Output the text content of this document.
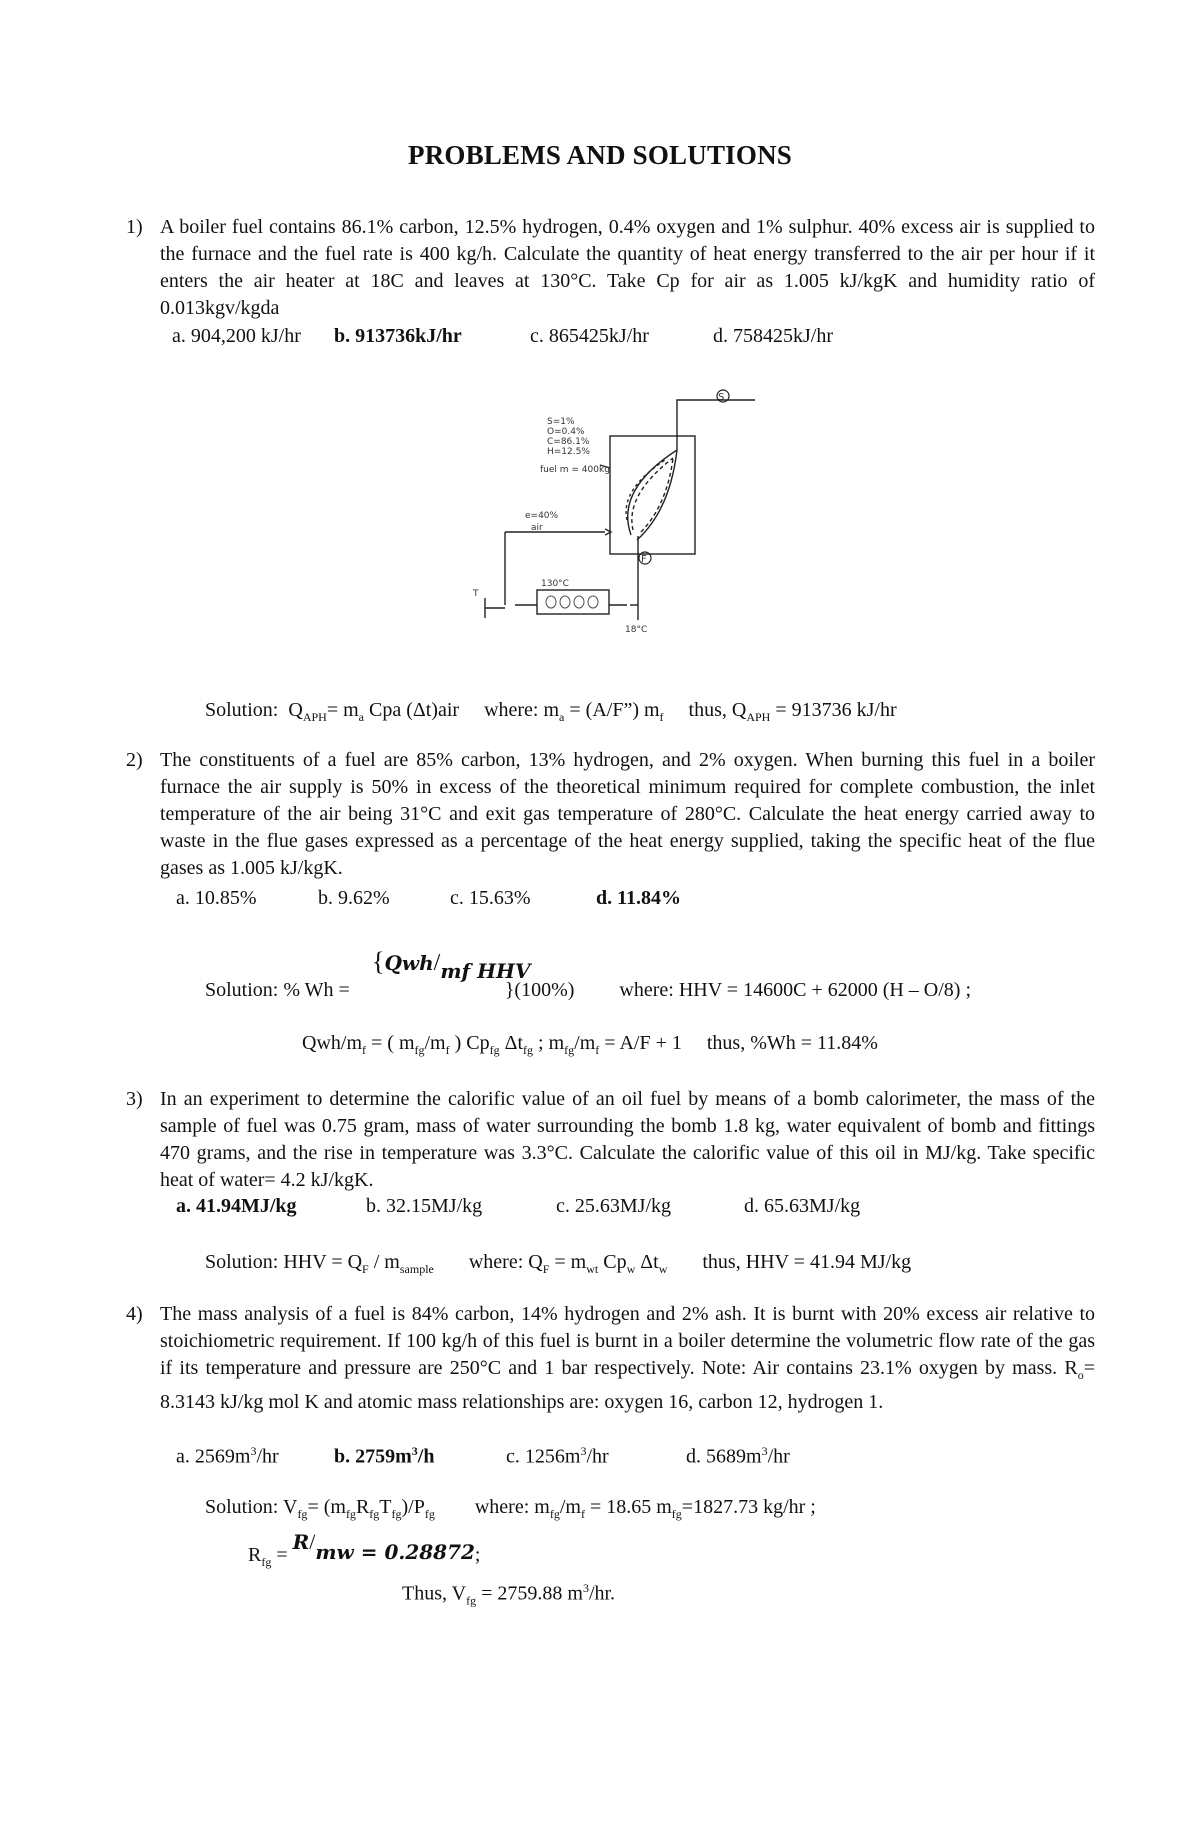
PROBLEMS AND SOLUTIONS
1) A boiler fuel contains 86.1% carbon, 12.5% hydrogen, 0.4% oxygen and 1% sulphur. 40% excess air is supplied to the furnace and the fuel rate is 400 kg/h. Calculate the quantity of heat energy transferred to the air per hour if it enters the air heater at 18C and leaves at 130°C. Take Cp for air as 1.005 kJ/kgK and humidity ratio of 0.013kgv/kgda
a. 904,200 kJ/hr b. 913736kJ/hr	c. 865425kJ/hr	d. 758425kJ/hr
S=1%
O=0.4%
C=86.1%
H=12.5%
fuel m = 400kg
e=40%
air
T
130°C
18°C
S
F
Solution: $Q_{APH}= m_a$ Cpa (Δt)air where: $m_a$ = (A/F”) $m_f$ thus, $Q_{APH} = 913736$ kJ/hr
2) The constituents of a fuel are 85% carbon, 13% hydrogen, and 2% oxygen. When burning this fuel in a boiler furnace the air supply is 50% in excess of the theoretical minimum required for complete combustion, the inlet temperature of the air being 31°C and exit gas temperature of 280°C. Calculate the heat energy carried away to waste in the flue gases expressed as a percentage of the heat energy supplied, taking the specific heat of the flue gases as 1.005 kJ/kgK.
a. 10.85%	b. 9.62%	c. 15.63%	d. 11.84%
{Qwh/mf HHV
Solution: % Wh =	}(100%) where: HHV = 14600C + 62000 (H – O/8) ;
Qwh/$m_f$ = ( $m_{fg}/m_f$ ) $Cp_{fg}$ $\Delta t_{fg}$ ; $m_{fg}/m_f = A/F + 1$ thus, %Wh = 11.84%
3) In an experiment to determine the calorific value of an oil fuel by means of a bomb calorimeter, the mass of the sample of fuel was 0.75 gram, mass of water surrounding the bomb 1.8 kg, water equivalent of bomb and fittings 470 grams, and the rise in temperature was 3.3°C. Calculate the calorific value of this oil in MJ/kg. Take specific heat of water= 4.2 kJ/kgK.
a. 41.94MJ/kg	b. 32.15MJ/kg	c. 25.63MJ/kg	d. 65.63MJ/kg
Solution: HHV = $Q_F / m_{sample}$ where: $Q_F = m_{wt}$ $Cp_w$ $\Delta t_w$ thus, HHV = 41.94 MJ/kg
4) The mass analysis of a fuel is 84% carbon, 14% hydrogen and 2% ash. It is burnt with 20% excess air relative to stoichiometric requirement. If 100 kg/h of this fuel is burnt in a boiler determine the volumetric flow rate of the gas if its temperature and pressure are 250°C and 1 bar respectively. Note: Air contains 23.1% oxygen by mass. $R_o= 8.3143$ kJ/kg mol K and atomic mass relationships are: oxygen 16, carbon 12, hydrogen 1.
a. $2569m^3/hr$	b. $2759m^3/h$	c. $1256m^3/hr$	d. $5689m^3/hr$
Solution: $V_{fg}= (m_{fg}R_{fg}T_{fg})/P_{fg}$ where: $m_{fg}/m_f = 18.65$ $m_{fg}=1827.73$ kg/hr ;
$R_{fg} = R/mw = 0.28872$;
Thus, $V_{fg} = 2759.88$ $m^3/hr$.
